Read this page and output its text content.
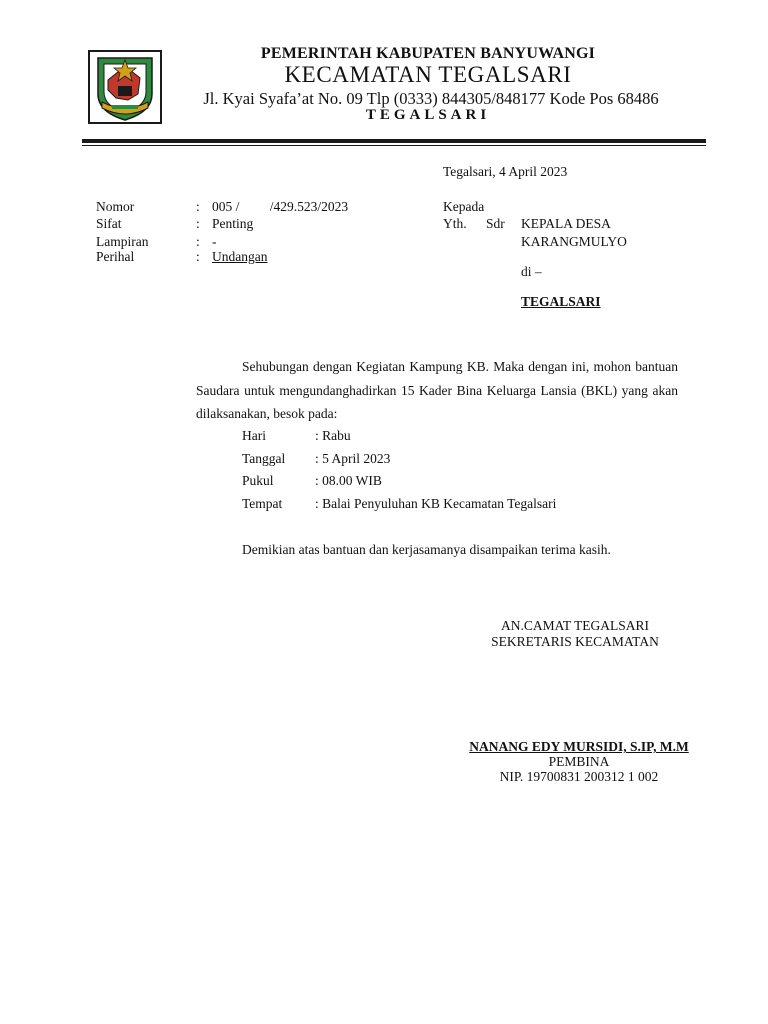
PEMERINTAH KABUPATEN BANYUWANGI
KECAMATAN TEGALSARI
Jl. Kyai Syafa’at No. 09 Tlp (0333) 844305/848177 Kode Pos 68486
TEGALSARI
Tegalsari, 4 April 2023
Nomor	: 005 /         /429.523/2023
Sifat	: Penting
Lampiran	: -
Perihal	: Undangan
Kepada
Yth. Sdr KEPALA DESA
KARANGMULYO
di –
TEGALSARI
Sehubungan dengan Kegiatan Kampung KB. Maka dengan ini, mohon bantuan Saudara untuk mengundanghadirkan 15 Kader Bina Keluarga Lansia (BKL) yang akan dilaksanakan, besok pada:
Hari	: Rabu
Tanggal : 5 April 2023
Pukul	: 08.00 WIB
Tempat : Balai Penyuluhan KB Kecamatan Tegalsari
Demikian atas bantuan dan kerjasamanya disampaikan terima kasih.
AN.CAMAT TEGALSARI
SEKRETARIS KECAMATAN
NANANG EDY MURSIDI, S.IP, M.M
PEMBINA
NIP. 19700831 200312 1 002
